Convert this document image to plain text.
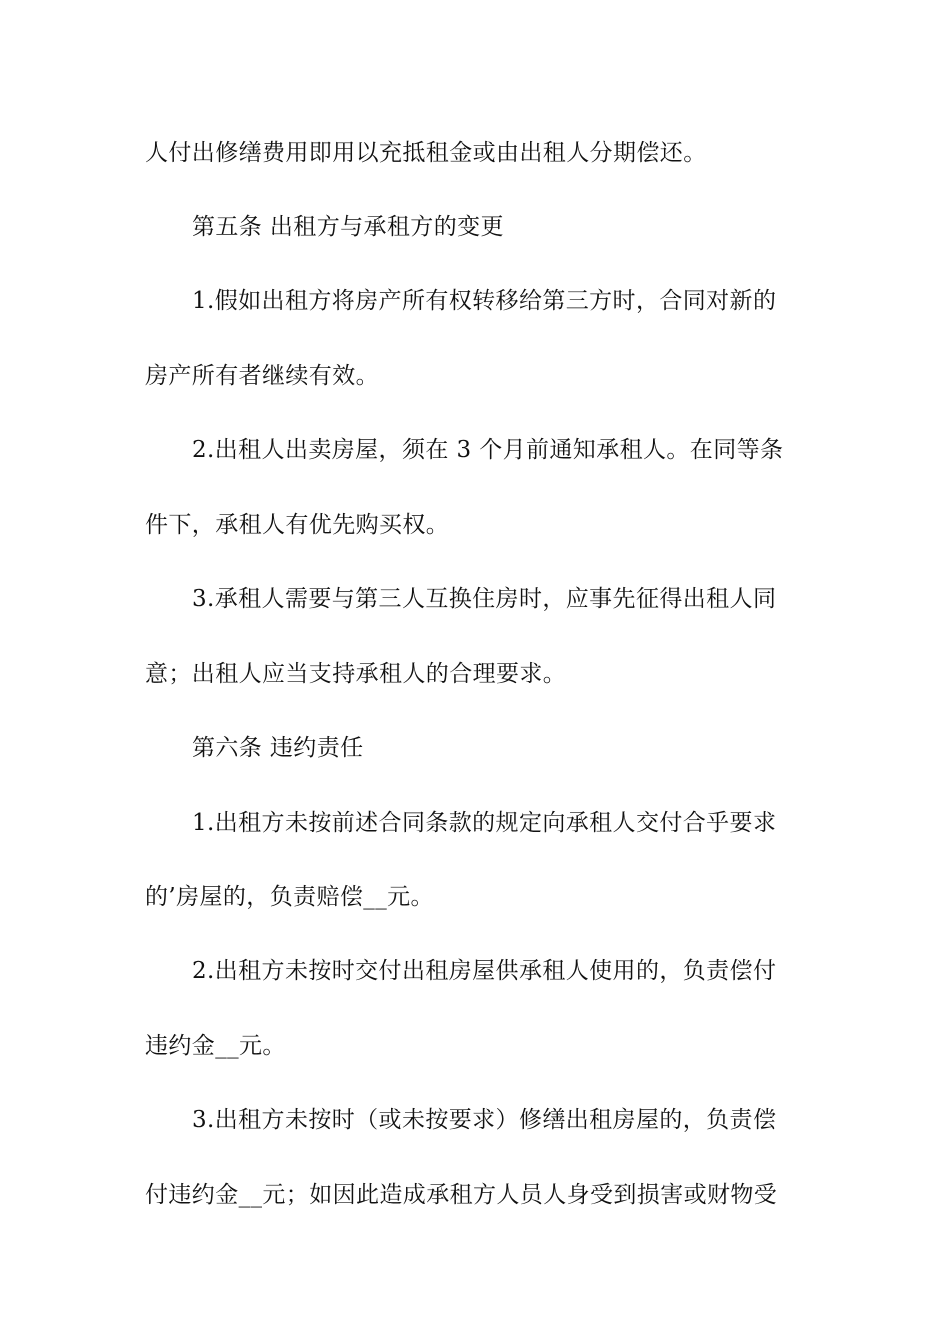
人付出修缮费用即用以充抵租金或由出租人分期偿还。
第五条 出租方与承租方的变更
1.假如出租方将房产所有权转移给第三方时，合同对新的
房产所有者继续有效。
2.出租人出卖房屋，须在 3 个月前通知承租人。在同等条
件下，承租人有优先购买权。
3.承租人需要与第三人互换住房时，应事先征得出租人同
意；出租人应当支持承租人的合理要求。
第六条 违约责任
1.出租方未按前述合同条款的规定向承租人交付合乎要求
的’房屋的，负责赔偿__元。
2.出租方未按时交付出租房屋供承租人使用的，负责偿付
违约金__元。
3.出租方未按时（或未按要求）修缮出租房屋的，负责偿
付违约金__元；如因此造成承租方人员人身受到损害或财物受
